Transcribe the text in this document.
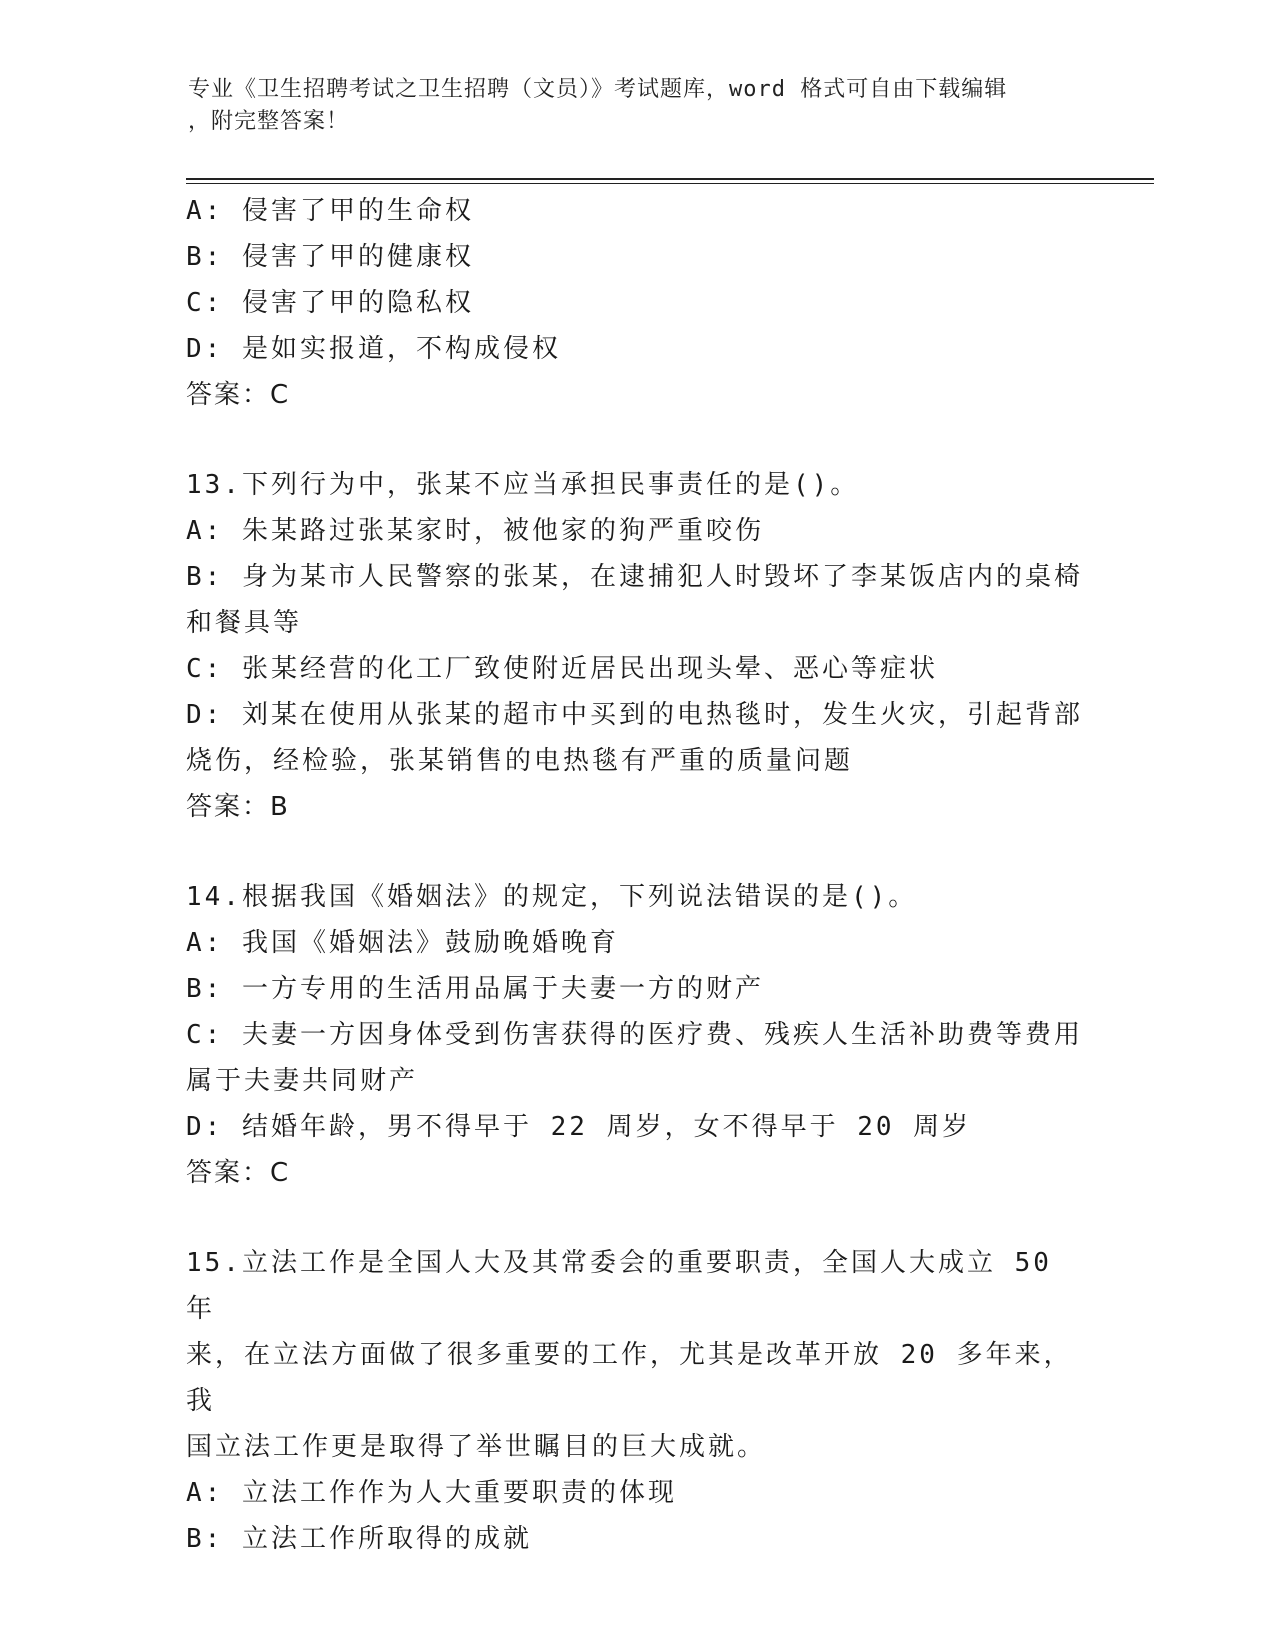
专业《卫生招聘考试之卫生招聘（文员）》考试题库，word 格式可自由下载编辑
，附完整答案！

A: 侵害了甲的生命权

B: 侵害了甲的健康权

C: 侵害了甲的隐私权

D: 是如实报道，不构成侵权

答案：C

13.下列行为中，张某不应当承担民事责任的是()。

A: 朱某路过张某家时，被他家的狗严重咬伤

B: 身为某市人民警察的张某，在逮捕犯人时毁坏了李某饭店内的桌椅

和餐具等

C: 张某经营的化工厂致使附近居民出现头晕、恶心等症状

D: 刘某在使用从张某的超市中买到的电热毯时，发生火灾，引起背部

烧伤，经检验，张某销售的电热毯有严重的质量问题

答案：B

14.根据我国《婚姻法》的规定，下列说法错误的是()。

A: 我国《婚姻法》鼓励晚婚晚育

B: 一方专用的生活用品属于夫妻一方的财产

C: 夫妻一方因身体受到伤害获得的医疗费、残疾人生活补助费等费用

属于夫妻共同财产

D: 结婚年龄，男不得早于 22 周岁，女不得早于 20 周岁

答案：C

15.立法工作是全国人大及其常委会的重要职责，全国人大成立 50 年

来，在立法方面做了很多重要的工作，尤其是改革开放 20 多年来，我

国立法工作更是取得了举世瞩目的巨大成就。

A: 立法工作作为人大重要职责的体现

B: 立法工作所取得的成就
